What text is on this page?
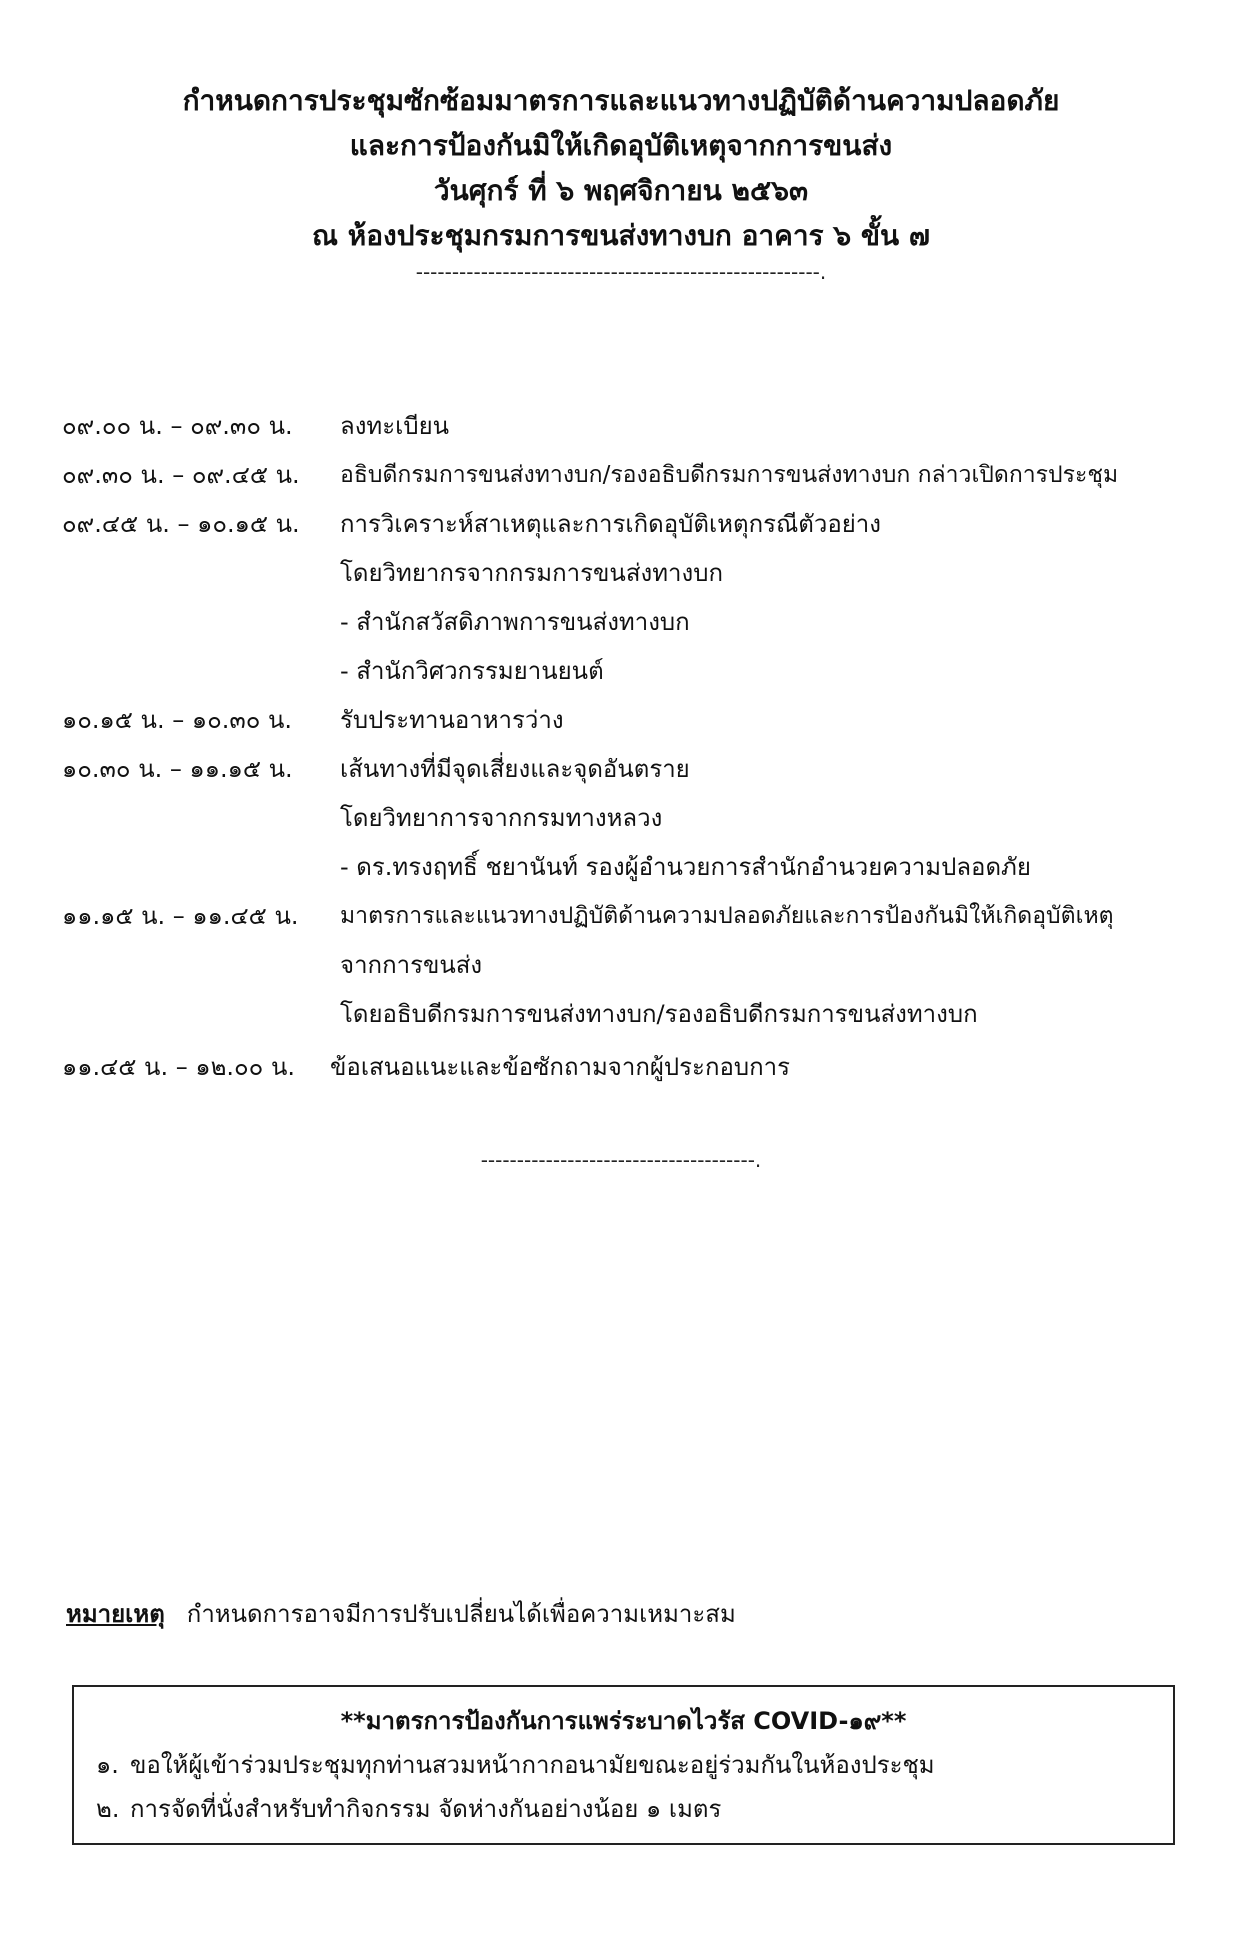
กำหนดการประชุมซักซ้อมมาตรการและแนวทางปฏิบัติด้านความปลอดภัย
และการป้องกันมิให้เกิดอุบัติเหตุจากการขนส่ง
วันศุกร์ ที่ ๖ พฤศจิกายน ๒๕๖๓
ณ ห้องประชุมกรมการขนส่งทางบก อาคาร ๖ ขั้น ๗
--------------------------------------------------------.
๐๙.๐๐ น. – ๐๙.๓๐ น.	ลงทะเบียน
๐๙.๓๐ น. – ๐๙.๔๕ น.	อธิบดีกรมการขนส่งทางบก/รองอธิบดีกรมการขนส่งทางบก กล่าวเปิดการประชุม
๐๙.๔๕ น. – ๑๐.๑๕ น.	การวิเคราะห์สาเหตุและการเกิดอุบัติเหตุกรณีตัวอย่าง
โดยวิทยากรจากกรมการขนส่งทางบก
- สำนักสวัสดิภาพการขนส่งทางบก
- สำนักวิศวกรรมยานยนต์
๑๐.๑๕ น. – ๑๐.๓๐ น.	รับประทานอาหารว่าง
๑๐.๓๐ น. – ๑๑.๑๕ น.	เส้นทางที่มีจุดเสี่ยงและจุดอันตราย
โดยวิทยาการจากกรมทางหลวง
- ดร.ทรงฤทธิ์ ชยานันท์ รองผู้อำนวยการสำนักอำนวยความปลอดภัย
๑๑.๑๕ น. – ๑๑.๔๕ น.	มาตรการและแนวทางปฏิบัติด้านความปลอดภัยและการป้องกันมิให้เกิดอุบัติเหตุ
จากการขนส่ง
โดยอธิบดีกรมการขนส่งทางบก/รองอธิบดีกรมการขนส่งทางบก
๑๑.๔๕ น. – ๑๒.๐๐ น.	ข้อเสนอแนะและข้อซักถามจากผู้ประกอบการ
--------------------------------------.
หมายเหตุ กำหนดการอาจมีการปรับเปลี่ยนได้เพื่อความเหมาะสม
**มาตรการป้องกันการแพร่ระบาดไวรัส COVID-๑๙**
๑. ขอให้ผู้เข้าร่วมประชุมทุกท่านสวมหน้ากากอนามัยขณะอยู่ร่วมกันในห้องประชุม
๒. การจัดที่นั่งสำหรับทำกิจกรรม จัดห่างกันอย่างน้อย ๑ เมตร
